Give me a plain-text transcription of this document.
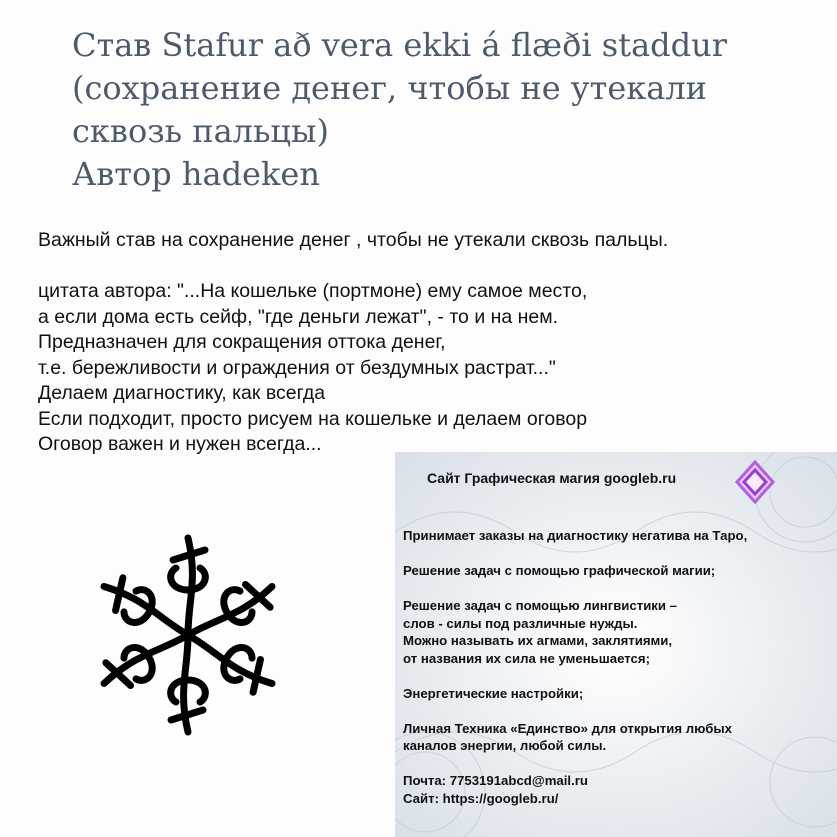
Став Stafur að vera ekki á flæði staddur
(сохранение денег, чтобы не утекали
сквозь пальцы)
Автор hadeken
Важный став на сохранение денег , чтобы не утекали сквозь пальцы.
цитата автора: "...На кошельке (портмоне) ему самое место,
а если дома есть сейф, "где деньги лежат", - то и на нем.
Предназначен для сокращения оттока денег,
т.е. бережливости и ограждения от бездумных растрат..."
Делаем диагностику, как всегда
Если подходит, просто рисуем на кошельке и делаем оговор
Оговор важен и нужен всегда...
Сайт Графическая магия googleb.ru
Принимает заказы на диагностику негатива на Таро,
Решение задач с помощью графической магии;
Решение задач с помощью лингвистики –
слов - силы под различные нужды.
Можно называть их агмами, заклятиями,
от названия их сила не уменьшается;
Энергетические настройки;
Личная Техника «Единство» для открытия любых
каналов энергии, любой силы.
Почта: 7753191abcd@mail.ru
Сайт: https://googleb.ru/
